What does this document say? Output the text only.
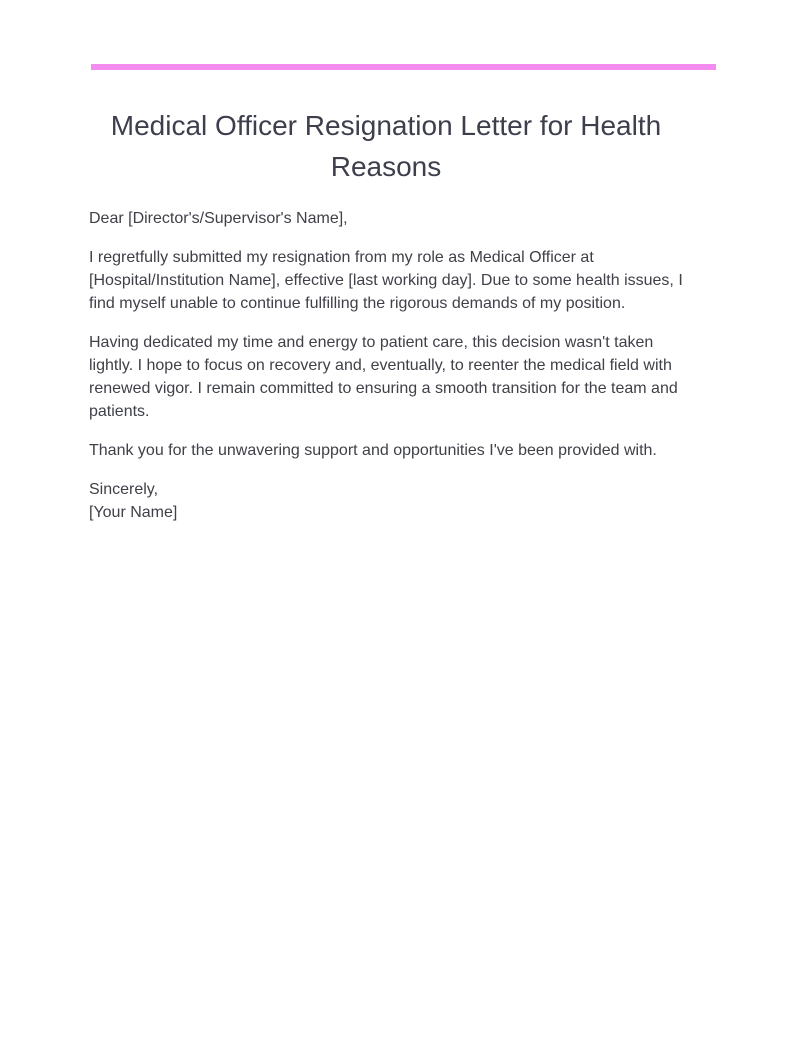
Medical Officer Resignation Letter for Health Reasons

Dear [Director's/Supervisor's Name],

I regretfully submitted my resignation from my role as Medical Officer at [Hospital/Institution Name], effective [last working day]. Due to some health issues, I find myself unable to continue fulfilling the rigorous demands of my position.

Having dedicated my time and energy to patient care, this decision wasn't taken lightly. I hope to focus on recovery and, eventually, to reenter the medical field with renewed vigor. I remain committed to ensuring a smooth transition for the team and patients.

Thank you for the unwavering support and opportunities I've been provided with.

Sincerely,
[Your Name]
